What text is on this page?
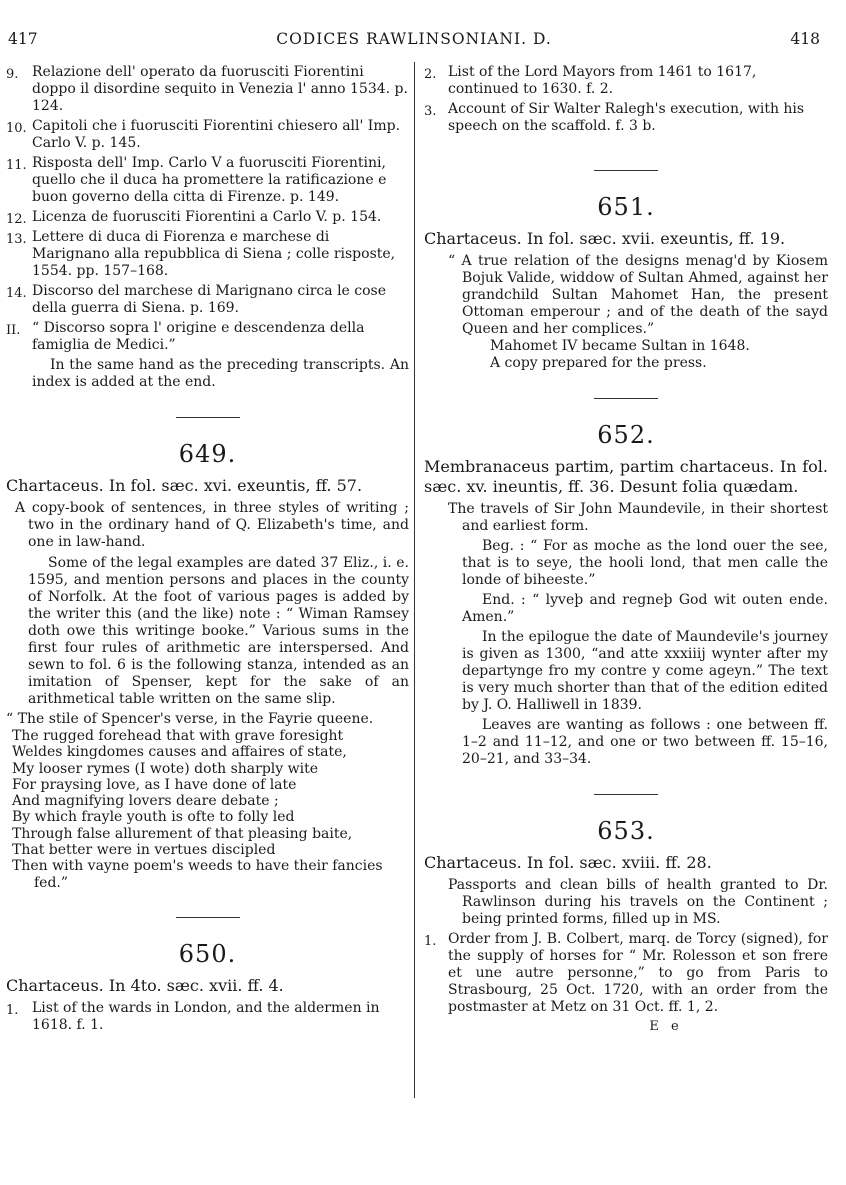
417	CODICES RAWLINSONIANI. D.	418
9. Relazione dell' operato da fuorusciti Fiorentini doppo il disordine sequito in Venezia l' anno 1534. p. 124.
10. Capitoli che i fuorusciti Fiorentini chiesero all' Imp. Carlo V. p. 145.
11. Risposta dell' Imp. Carlo V a fuorusciti Fiorentini, quello che il duca ha promettere la ratificazione e buon governo della citta di Firenze. p. 149.
12. Licenza de fuorusciti Fiorentini a Carlo V. p. 154.
13. Lettere di duca di Fiorenza e marchese di Marignano alla repubblica di Siena ; colle risposte, 1554. pp. 157–168.
14. Discorso del marchese di Marignano circa le cose della guerra di Siena. p. 169.
II. “ Discorso sopra l' origine e descendenza della famiglia de Medici.”
In the same hand as the preceding transcripts. An index is added at the end.
649.
Chartaceus. In fol. sæc. xvi. exeuntis, ff. 57.
A copy-book of sentences, in three styles of writing ; two in the ordinary hand of Q. Elizabeth's time, and one in law-hand.
Some of the legal examples are dated 37 Eliz., i. e. 1595, and mention persons and places in the county of Norfolk. At the foot of various pages is added by the writer this (and the like) note : “ Wiman Ramsey doth owe this writinge booke.” Various sums in the first four rules of arithmetic are interspersed. And sewn to fol. 6 is the following stanza, intended as an imitation of Spenser, kept for the sake of an arithmetical table written on the same slip.
“ The stile of Spencer's verse, in the Fayrie queene.
The rugged forehead that with grave foresight
Weldes kingdomes causes and affaires of state,
My looser rymes (I wote) doth sharply wite
For praysing love, as I have done of late
And magnifying lovers deare debate ;
By which frayle youth is ofte to folly led
Through false allurement of that pleasing baite,
That better were in vertues discipled
Then with vayne poem's weeds to have their fancies
fed.”
650.
Chartaceus. In 4to. sæc. xvii. ff. 4.
1. List of the wards in London, and the aldermen in 1618. f. 1.
2. List of the Lord Mayors from 1461 to 1617, continued to 1630. f. 2.
3. Account of Sir Walter Ralegh's execution, with his speech on the scaffold. f. 3 b.
651.
Chartaceus. In fol. sæc. xvii. exeuntis, ff. 19.
“ A true relation of the designs menag'd by Kiosem Bojuk Valide, widdow of Sultan Ahmed, against her grandchild Sultan Mahomet Han, the present Ottoman emperour ; and of the death of the sayd Queen and her complices.”
Mahomet IV became Sultan in 1648.
A copy prepared for the press.
652.
Membranaceus partim, partim chartaceus. In fol. sæc. xv. ineuntis, ff. 36. Desunt folia quædam.
The travels of Sir John Maundevile, in their shortest and earliest form.
Beg. : “ For as moche as the lond ouer the see, that is to seye, the hooli lond, that men calle the londe of biheeste.”
End. : “ lyveþ and regneþ God wit outen ende. Amen.”
In the epilogue the date of Maundevile's journey is given as 1300, “and atte xxxiiij wynter after my departynge fro my contre y come ageyn.” The text is very much shorter than that of the edition edited by J. O. Halliwell in 1839.
Leaves are wanting as follows : one between ff. 1–2 and 11–12, and one or two between ff. 15–16, 20–21, and 33–34.
653.
Chartaceus. In fol. sæc. xviii. ff. 28.
Passports and clean bills of health granted to Dr. Rawlinson during his travels on the Continent ; being printed forms, filled up in MS.
1. Order from J. B. Colbert, marq. de Torcy (signed), for the supply of horses for “ Mr. Rolesson et son frere et une autre personne,” to go from Paris to Strasbourg, 25 Oct. 1720, with an order from the postmaster at Metz on 31 Oct. ff. 1, 2.
E e
